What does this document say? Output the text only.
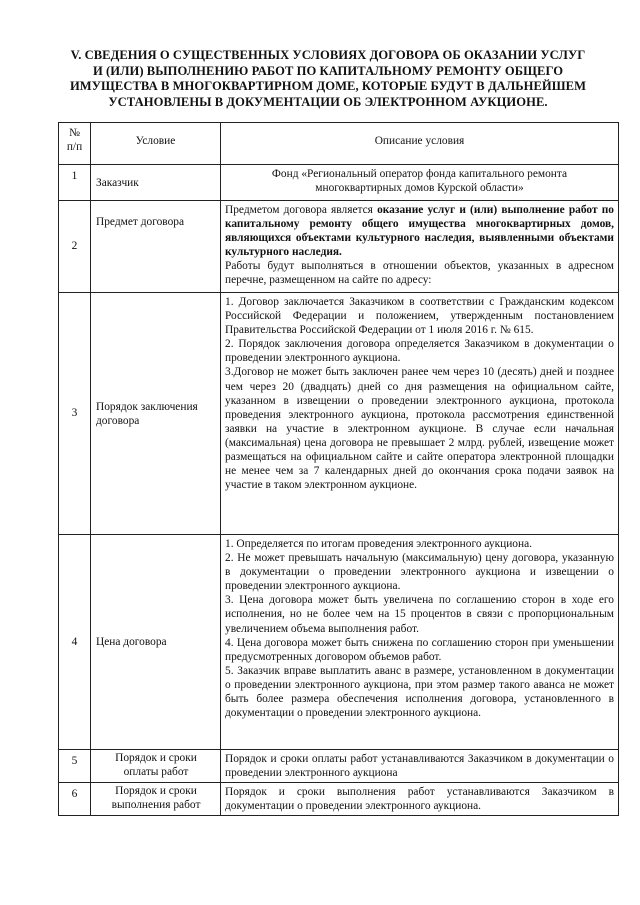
V. СВЕДЕНИЯ О СУЩЕСТВЕННЫХ УСЛОВИЯХ ДОГОВОРА ОБ ОКАЗАНИИ УСЛУГ
И (ИЛИ) ВЫПОЛНЕНИЮ РАБОТ ПО КАПИТАЛЬНОМУ РЕМОНТУ ОБЩЕГО
ИМУЩЕСТВА В МНОГОКВАРТИРНОМ ДОМЕ, КОТОРЫЕ БУДУТ В ДАЛЬНЕЙШЕМ
УСТАНОВЛЕНЫ В ДОКУМЕНТАЦИИ ОБ ЭЛЕКТРОННОМ АУКЦИОНЕ.
№
п/п	Условие	Описание условия
1	Заказчик	Фонд «Региональный оператор фонда капитального ремонта
многоквартирных домов Курской области»

2	Предмет договора	Предметом договора является оказание услуг и (или) выполнение работ по капитальному ремонту общего имущества многоквартирных домов, являющихся объектами культурного наследия, выявленными объектами культурного наследия.
Работы будут выполняться в отношении объектов, указанных в адресном перечне, размещенном на сайте по адресу:

3	Порядок заключения договора	1. Договор заключается Заказчиком в соответствии с Гражданским кодексом Российской Федерации и положением, утвержденным постановлением Правительства Российской Федерации от 1 июля 2016 г. № 615.
2. Порядок заключения договора определяется Заказчиком в документации о проведении электронного аукциона.
3.Договор не может быть заключен ранее чем через 10 (десять) дней и позднее чем через 20 (двадцать) дней со дня размещения на официальном сайте, указанном в извещении о проведении электронного аукциона, протокола проведения электронного аукциона, протокола рассмотрения единственной заявки на участие в электронном аукционе. В случае если начальная (максимальная) цена договора не превышает 2 млрд. рублей, извещение может размещаться на официальном сайте и сайте оператора электронной площадки не менее чем за 7 календарных дней до окончания срока подачи заявок на участие в таком электронном аукционе.

4	Цена договора	1. Определяется по итогам проведения электронного аукциона.
2. Не может превышать начальную (максимальную) цену договора, указанную в документации о проведении электронного аукциона и извещении о проведении электронного аукциона.
3. Цена договора может быть увеличена по соглашению сторон в ходе его исполнения, но не более чем на 15 процентов в связи с пропорциональным увеличением объема выполнения работ.
4. Цена договора может быть снижена по соглашению сторон при уменьшении предусмотренных договором объемов работ.
5. Заказчик вправе выплатить аванс в размере, установленном в документации о проведении электронного аукциона, при этом размер такого аванса не может быть более размера обеспечения исполнения договора, установленного в документации о проведении электронного аукциона.

5	Порядок и сроки
оплаты работ	Порядок и сроки оплаты работ устанавливаются Заказчиком в документации о проведении электронного аукциона
6	Порядок и сроки
выполнения работ	Порядок и сроки выполнения работ устанавливаются Заказчиком в документации о проведении электронного аукциона.
